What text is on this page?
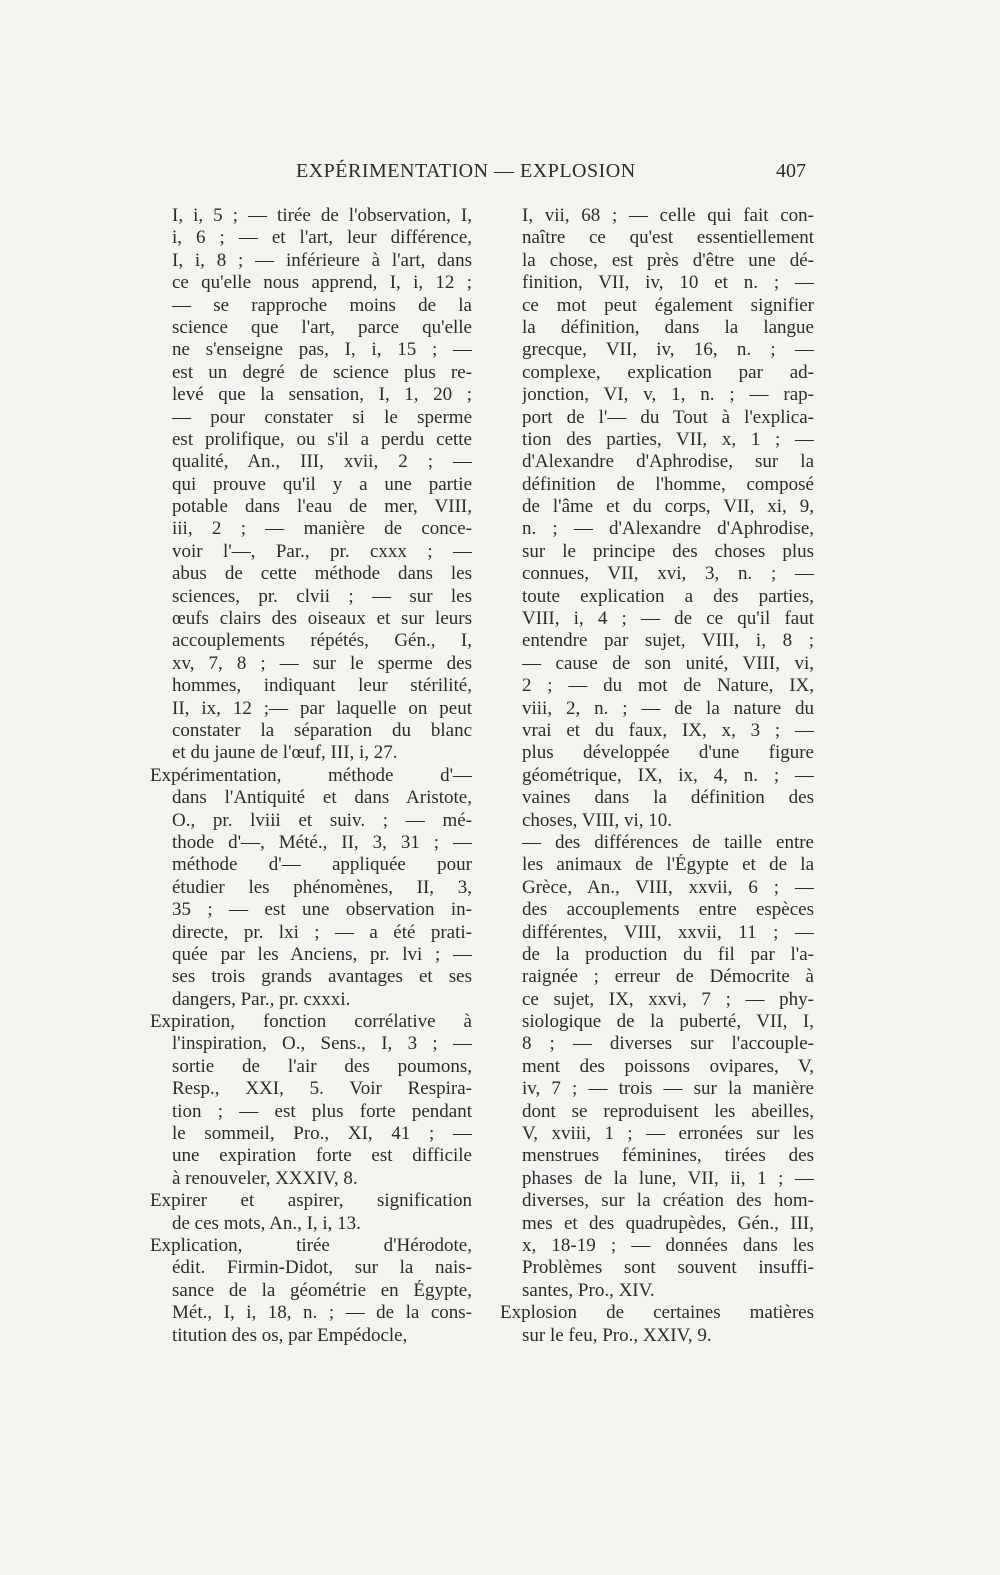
EXPÉRIMENTATION — EXPLOSION	407
I, i, 5 ; — tirée de l'observation, I,
i, 6 ; — et l'art, leur différence,
I, i, 8 ; — inférieure à l'art, dans
ce qu'elle nous apprend, I, i, 12 ;
— se rapproche moins de la
science que l'art, parce qu'elle
ne s'enseigne pas, I, i, 15 ; —
est un degré de science plus re-
levé que la sensation, I, 1, 20 ;
— pour constater si le sperme
est prolifique, ou s'il a perdu cette
qualité, An., III, xvii, 2 ; —
qui prouve qu'il y a une partie
potable dans l'eau de mer, VIII,
iii, 2 ; — manière de conce-
voir l'—, Par., pr. cxxx ; —
abus de cette méthode dans les
sciences, pr. clvii ; — sur les
œufs clairs des oiseaux et sur leurs
accouplements répétés, Gén., I,
xv, 7, 8 ; — sur le sperme des
hommes, indiquant leur stérilité,
II, ix, 12 ;— par laquelle on peut
constater la séparation du blanc
et du jaune de l'œuf, III, i, 27.
Expérimentation, méthode d'—
dans l'Antiquité et dans Aristote,
O., pr. lviii et suiv. ; — mé-
thode d'—, Mété., II, 3, 31 ; —
méthode d'— appliquée pour
étudier les phénomènes, II, 3,
35 ; — est une observation in-
directe, pr. lxi ; — a été prati-
quée par les Anciens, pr. lvi ; —
ses trois grands avantages et ses
dangers, Par., pr. cxxxi.
Expiration, fonction corrélative à
l'inspiration, O., Sens., I, 3 ; —
sortie de l'air des poumons,
Resp., XXI, 5. Voir Respira-
tion ; — est plus forte pendant
le sommeil, Pro., XI, 41 ; —
une expiration forte est difficile
à renouveler, XXXIV, 8.
Expirer et aspirer, signification
de ces mots, An., I, i, 13.
Explication, tirée d'Hérodote,
édit. Firmin-Didot, sur la nais-
sance de la géométrie en Égypte,
Mét., I, i, 18, n. ; — de la cons-
titution des os, par Empédocle,
I, vii, 68 ; — celle qui fait con-
naître ce qu'est essentiellement
la chose, est près d'être une dé-
finition, VII, iv, 10 et n. ; —
ce mot peut également signifier
la définition, dans la langue
grecque, VII, iv, 16, n. ; —
complexe, explication par ad-
jonction, VI, v, 1, n. ; — rap-
port de l'— du Tout à l'explica-
tion des parties, VII, x, 1 ; —
d'Alexandre d'Aphrodise, sur la
définition de l'homme, composé
de l'âme et du corps, VII, xi, 9,
n. ; — d'Alexandre d'Aphrodise,
sur le principe des choses plus
connues, VII, xvi, 3, n. ; —
toute explication a des parties,
VIII, i, 4 ; — de ce qu'il faut
entendre par sujet, VIII, i, 8 ;
— cause de son unité, VIII, vi,
2 ; — du mot de Nature, IX,
viii, 2, n. ; — de la nature du
vrai et du faux, IX, x, 3 ; —
plus développée d'une figure
géométrique, IX, ix, 4, n. ; —
vaines dans la définition des
choses, VIII, vi, 10.
— des différences de taille entre
les animaux de l'Égypte et de la
Grèce, An., VIII, xxvii, 6 ; —
des accouplements entre espèces
différentes, VIII, xxvii, 11 ; —
de la production du fil par l'a-
raignée ; erreur de Démocrite à
ce sujet, IX, xxvi, 7 ; — phy-
siologique de la puberté, VII, I,
8 ; — diverses sur l'accouple-
ment des poissons ovipares, V,
iv, 7 ; — trois — sur la manière
dont se reproduisent les abeilles,
V, xviii, 1 ; — erronées sur les
menstrues féminines, tirées des
phases de la lune, VII, ii, 1 ; —
diverses, sur la création des hom-
mes et des quadrupèdes, Gén., III,
x, 18-19 ; — données dans les
Problèmes sont souvent insuffi-
santes, Pro., XIV.
Explosion de certaines matières
sur le feu, Pro., XXIV, 9.
